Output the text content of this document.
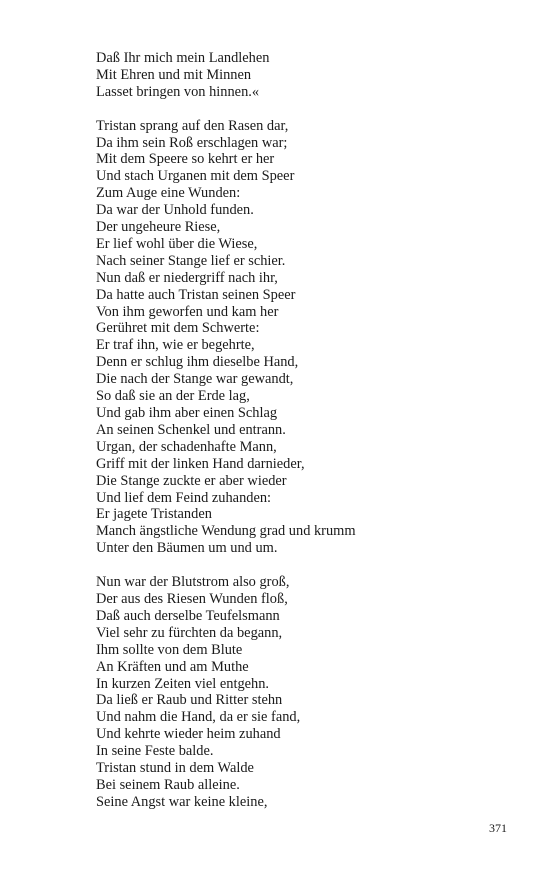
Daß Ihr mich mein Landlehen
Mit Ehren und mit Minnen
Lasset bringen von hinnen.«
Tristan sprang auf den Rasen dar,
Da ihm sein Roß erschlagen war;
Mit dem Speere so kehrt er her
Und stach Urganen mit dem Speer
Zum Auge eine Wunden:
Da war der Unhold funden.
Der ungeheure Riese,
Er lief wohl über die Wiese,
Nach seiner Stange lief er schier.
Nun daß er niedergriff nach ihr,
Da hatte auch Tristan seinen Speer
Von ihm geworfen und kam her
Gerühret mit dem Schwerte:
Er traf ihn, wie er begehrte,
Denn er schlug ihm dieselbe Hand,
Die nach der Stange war gewandt,
So daß sie an der Erde lag,
Und gab ihm aber einen Schlag
An seinen Schenkel und entrann.
Urgan, der schadenhafte Mann,
Griff mit der linken Hand darnieder,
Die Stange zuckte er aber wieder
Und lief dem Feind zuhanden:
Er jagete Tristanden
Manch ängstliche Wendung grad und krumm
Unter den Bäumen um und um.
Nun war der Blutstrom also groß,
Der aus des Riesen Wunden floß,
Daß auch derselbe Teufelsmann
Viel sehr zu fürchten da begann,
Ihm sollte von dem Blute
An Kräften und am Muthe
In kurzen Zeiten viel entgehn.
Da ließ er Raub und Ritter stehn
Und nahm die Hand, da er sie fand,
Und kehrte wieder heim zuhand
In seine Feste balde.
Tristan stund in dem Walde
Bei seinem Raub alleine.
Seine Angst war keine kleine,
371
